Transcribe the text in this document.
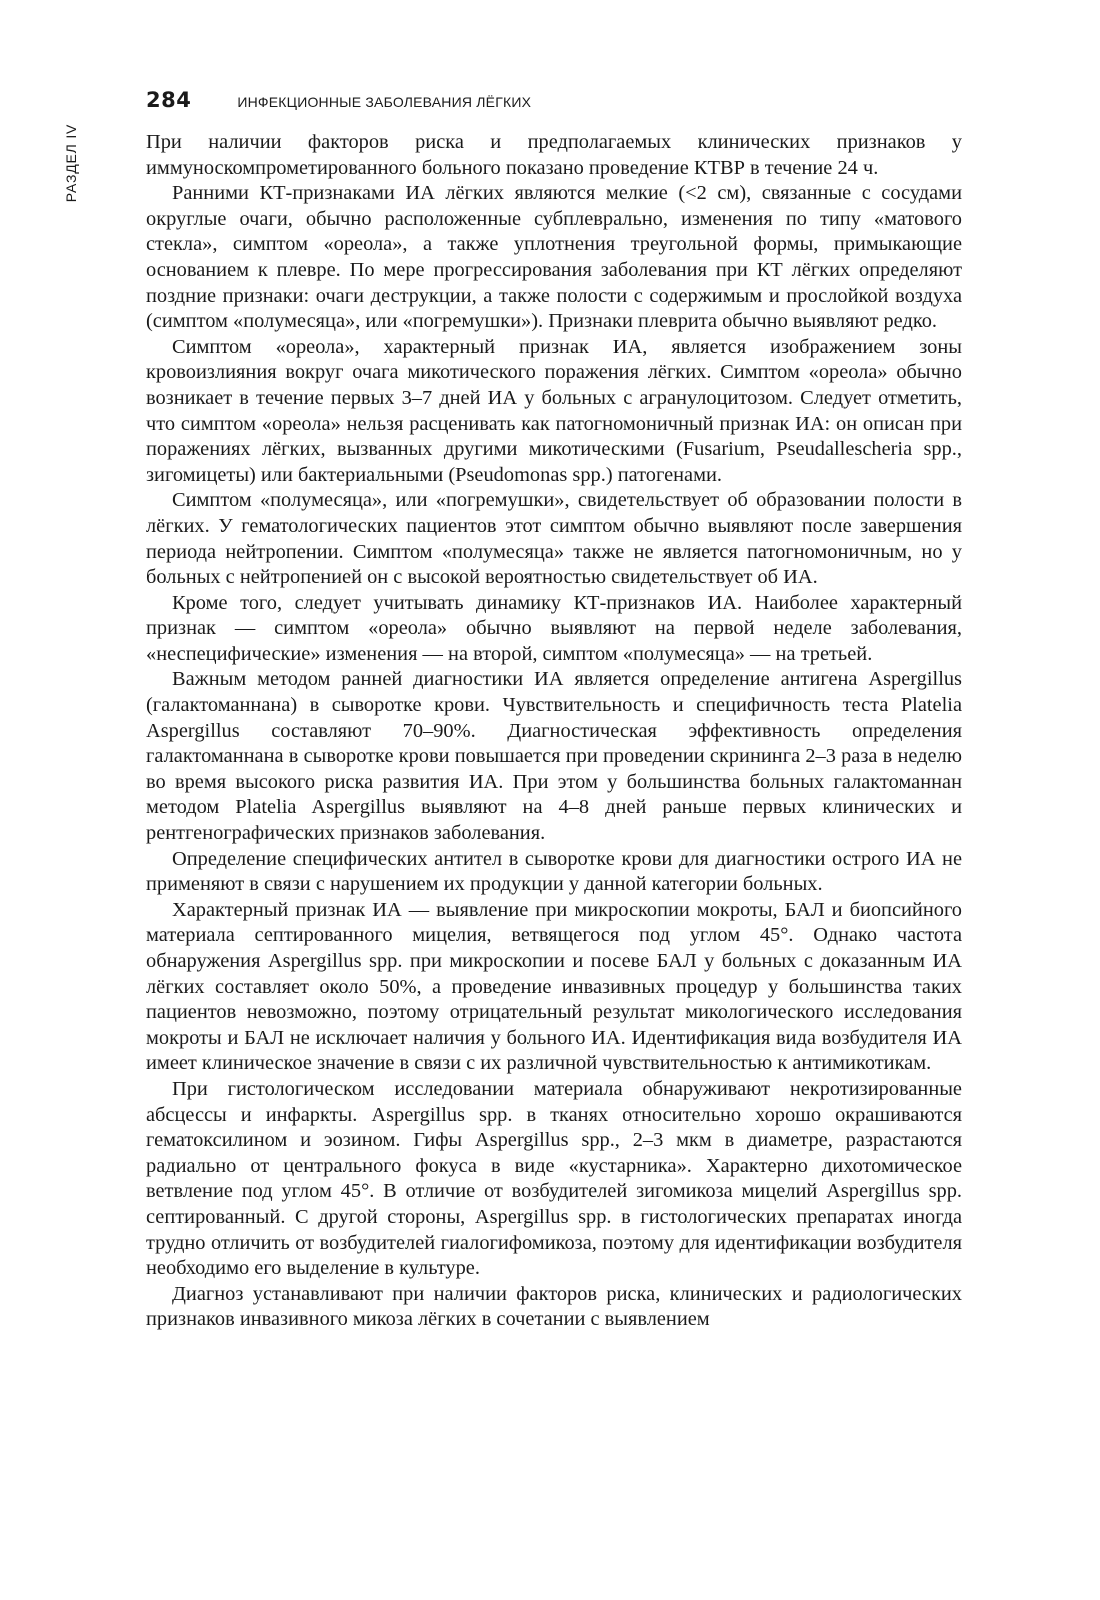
284	ИНФЕКЦИОННЫЕ ЗАБОЛЕВАНИЯ ЛЁГКИХ
РАЗДЕЛ IV	При наличии факторов риска и предполагаемых клинических признаков у иммуноскомпрометированного больного показано проведение КТВР в течение 24 ч.

Ранними КТ-признаками ИА лёгких являются мелкие (<2 см), связанные с сосудами округлые очаги, обычно расположенные субплеврально, изменения по типу «матового стекла», симптом «ореола», а также уплотнения треугольной формы, примыкающие основанием к плевре. По мере прогрессирования заболевания при КТ лёгких определяют поздние признаки: очаги деструкции, а также полости с содержимым и прослойкой воздуха (симптом «полумесяца», или «погремушки»). Признаки плеврита обычно выявляют редко.

Симптом «ореола», характерный признак ИА, является изображением зоны кровоизлияния вокруг очага микотического поражения лёгких. Симптом «ореола» обычно возникает в течение первых 3–7 дней ИА у больных с агранулоцитозом. Следует отметить, что симптом «ореола» нельзя расценивать как патогномоничный признак ИА: он описан при поражениях лёгких, вызванных другими микотическими (Fusarium, Pseudallescheria spp., зигомицеты) или бактериальными (Pseudomonas spp.) патогенами.

Симптом «полумесяца», или «погремушки», свидетельствует об образовании полости в лёгких. У гематологических пациентов этот симптом обычно выявляют после завершения периода нейтропении. Симптом «полумесяца» также не является патогномоничным, но у больных с нейтропенией он с высокой вероятностью свидетельствует об ИА.

Кроме того, следует учитывать динамику КТ-признаков ИА. Наиболее характерный признак — симптом «ореола» обычно выявляют на первой неделе заболевания, «неспецифические» изменения — на второй, симптом «полумесяца» — на третьей.

Важным методом ранней диагностики ИА является определение антигена Aspergillus (галактоманнана) в сыворотке крови. Чувствительность и специфичность теста Platelia Aspergillus составляют 70–90%. Диагностическая эффективность определения галактоманнана в сыворотке крови повышается при проведении скрининга 2–3 раза в неделю во время высокого риска развития ИА. При этом у большинства больных галактоманнан методом Platelia Aspergillus выявляют на 4–8 дней раньше первых клинических и рентгенографических признаков заболевания.

Определение специфических антител в сыворотке крови для диагностики острого ИА не применяют в связи с нарушением их продукции у данной категории больных.

Характерный признак ИА — выявление при микроскопии мокроты, БАЛ и биопсийного материала септированного мицелия, ветвящегося под углом 45°. Однако частота обнаружения Aspergillus spp. при микроскопии и посеве БАЛ у больных с доказанным ИА лёгких составляет около 50%, а проведение инвазивных процедур у большинства таких пациентов невозможно, поэтому отрицательный результат микологического исследования мокроты и БАЛ не исключает наличия у больного ИА. Идентификация вида возбудителя ИА имеет клиническое значение в связи с их различной чувствительностью к антимикотикам.

При гистологическом исследовании материала обнаруживают некротизированные абсцессы и инфаркты. Aspergillus spp. в тканях относительно хорошо окрашиваются гематоксилином и эозином. Гифы Aspergillus spp., 2–3 мкм в диаметре, разрастаются радиально от центрального фокуса в виде «кустарника». Характерно дихотомическое ветвление под углом 45°. В отличие от возбудителей зигомикоза мицелий Aspergillus spp. септированный. С другой стороны, Aspergillus spp. в гистологических препаратах иногда трудно отличить от возбудителей гиалогифомикоза, поэтому для идентификации возбудителя необходимо его выделение в культуре.

Диагноз устанавливают при наличии факторов риска, клинических и радиологических признаков инвазивного микоза лёгких в сочетании с выявлением
